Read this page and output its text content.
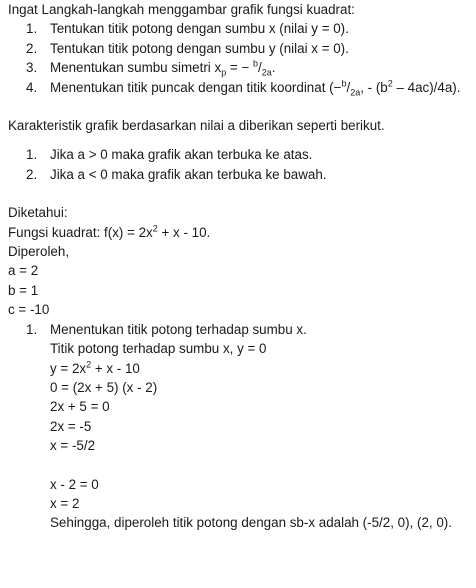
Ingat Langkah-langkah menggambar grafik fungsi kuadrat:

1. Tentukan titik potong dengan sumbu x (nilai y = 0).
2. Tentukan titik potong dengan sumbu y (nilai x = 0).
3. Menentukan sumbu simetri $x_p$ = − $^b/_{2a}$.
4. Menentukan titik puncak dengan titik koordinat ($-^b/_{2a}$, - $(b^2 - 4ac)/4a$).

Karakteristik grafik berdasarkan nilai a diberikan seperti berikut.

1. Jika a > 0 maka grafik akan terbuka ke atas.
2. Jika a < 0 maka grafik akan terbuka ke bawah.

Diketahui:

Fungsi kuadrat: $f(x) = 2x^2 + x - 10$.

Diperoleh,

a = 2

b = 1

c = -10

1. Menentukan titik potong terhadap sumbu x.

Titik potong terhadap sumbu x, y = 0

$y = 2x^2 + x - 10$

0 = (2x + 5) (x - 2)

2x + 5 = 0

2x = -5

x = -5/2

x - 2 = 0

x = 2

Sehingga, diperoleh titik potong dengan sb-x adalah (-5/2, 0), (2, 0).
